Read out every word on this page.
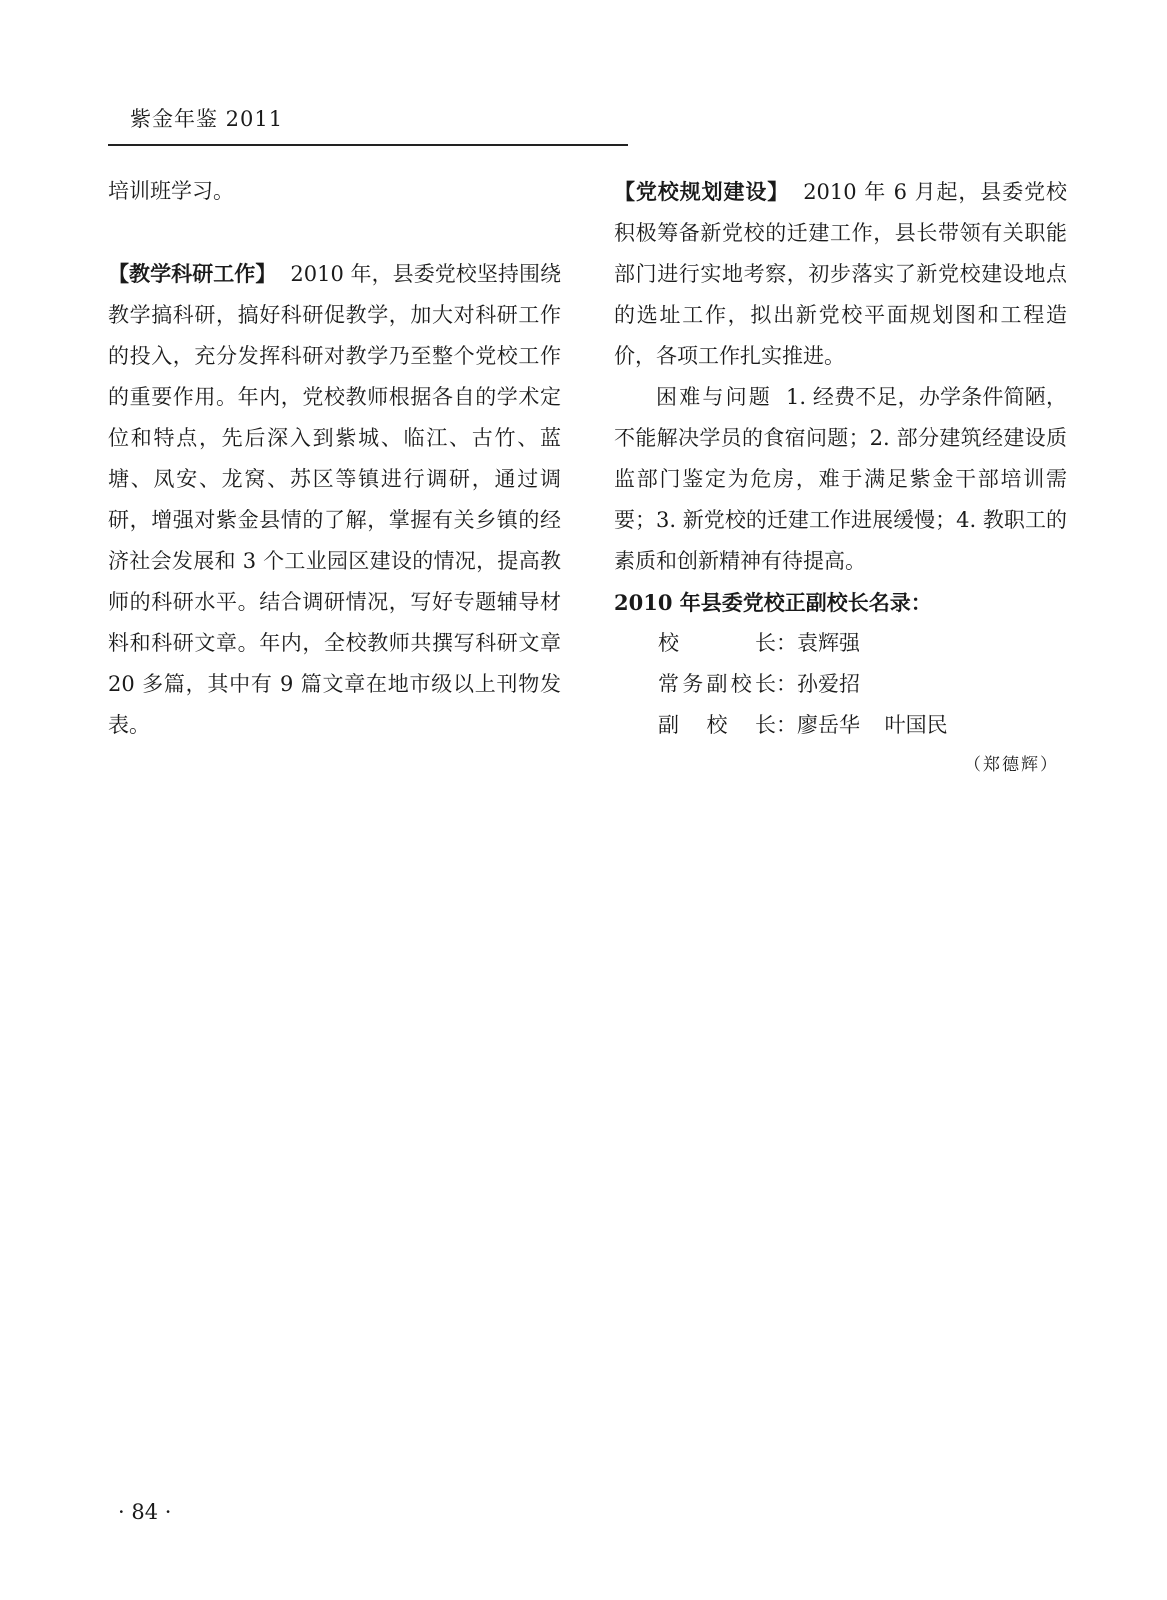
紫金年鉴 2011

培训班学习。

【教学科研工作】 2010 年，县委党校坚持围绕教学搞科研，搞好科研促教学，加大对科研工作的投入，充分发挥科研对教学乃至整个党校工作的重要作用。年内，党校教师根据各自的学术定位和特点，先后深入到紫城、临江、古竹、蓝塘、凤安、龙窝、苏区等镇进行调研，通过调研，增强对紫金县情的了解，掌握有关乡镇的经济社会发展和 3 个工业园区建设的情况，提高教师的科研水平。结合调研情况，写好专题辅导材料和科研文章。年内，全校教师共撰写科研文章 20 多篇，其中有 9 篇文章在地市级以上刊物发表。

【党校规划建设】 2010 年 6 月起，县委党校积极筹备新党校的迁建工作，县长带领有关职能部门进行实地考察，初步落实了新党校建设地点的选址工作，拟出新党校平面规划图和工程造价，各项工作扎实推进。

困难与问题 1. 经费不足，办学条件简陋，不能解决学员的食宿问题；2. 部分建筑经建设质监部门鉴定为危房，难于满足紫金干部培训需要；3. 新党校的迁建工作进展缓慢；4. 教职工的素质和创新精神有待提高。

2010 年县委党校正副校长名录：

校长 ： 袁辉强

常务副校长 ： 孙爱招

副校长 ： 廖岳华 叶国民

（郑德辉）
· 84 ·
